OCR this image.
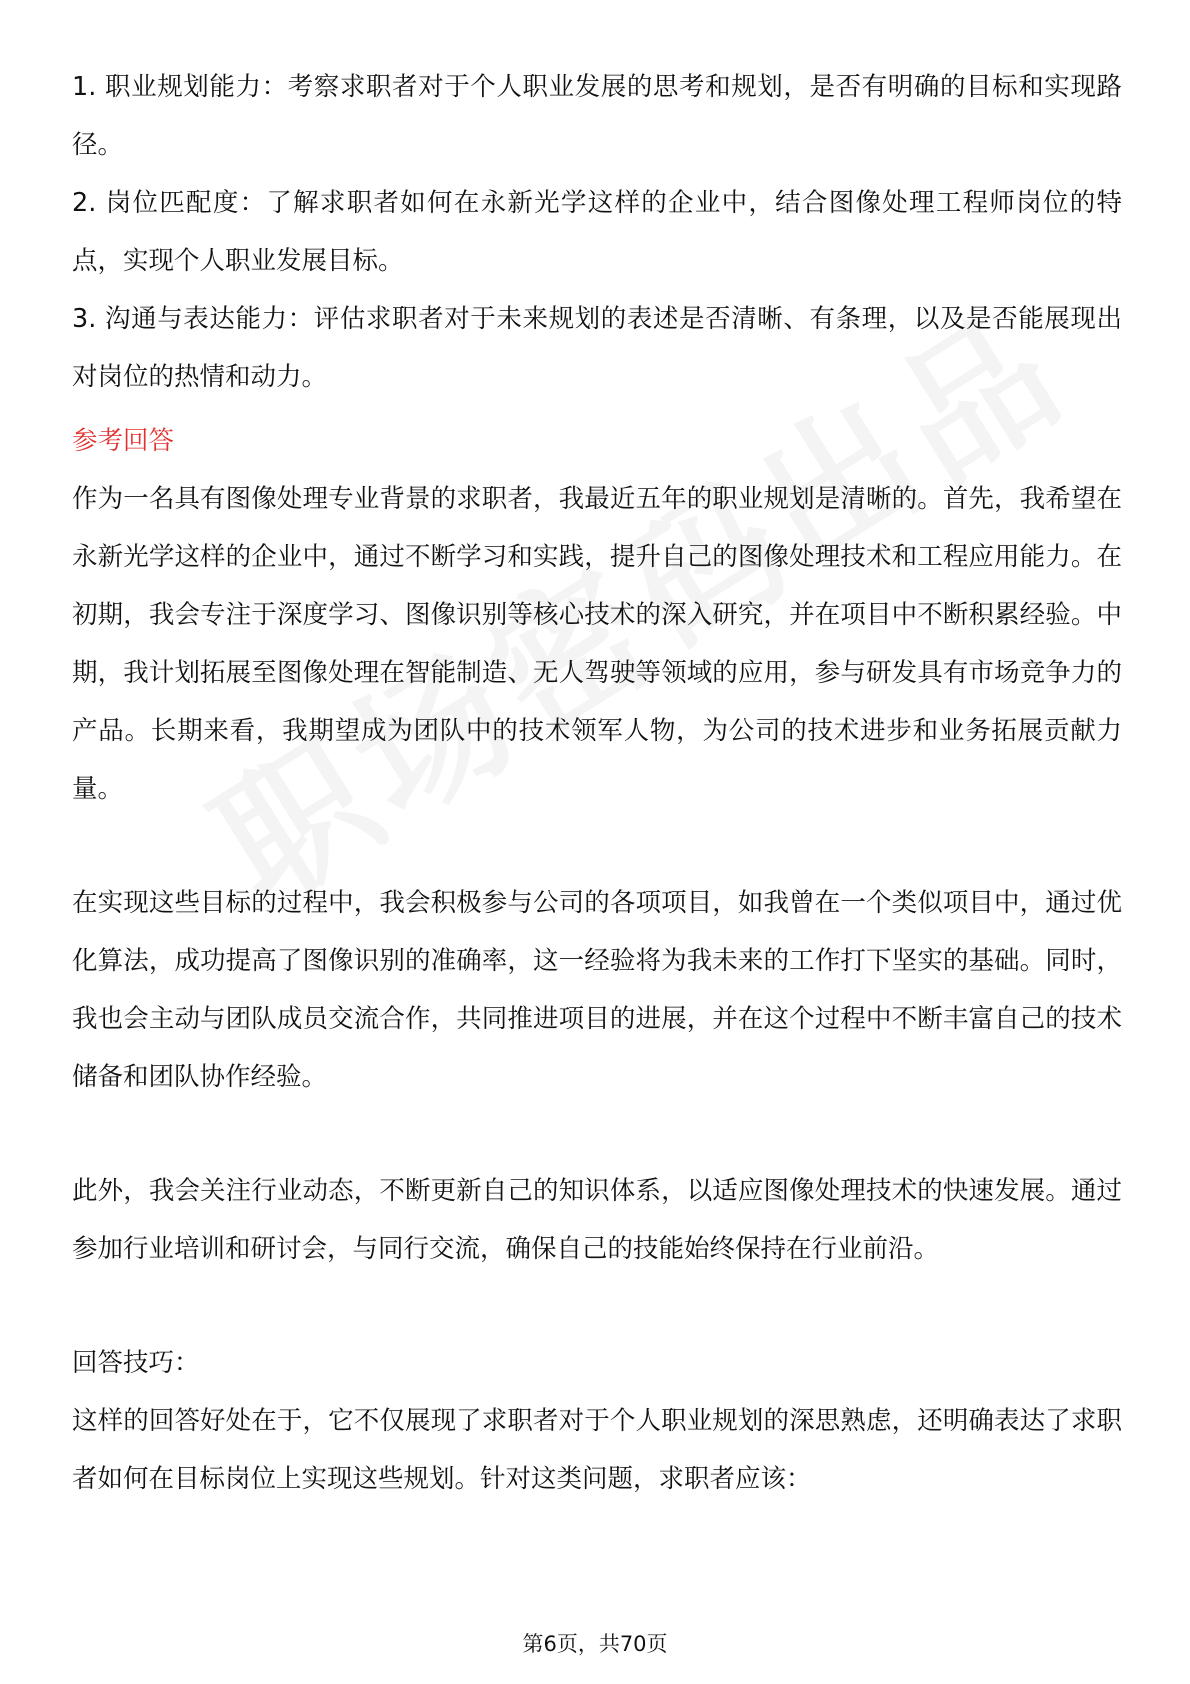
1. 职业规划能力：考察求职者对于个人职业发展的思考和规划，是否有明确的目标和实现路径。

2. 岗位匹配度：了解求职者如何在永新光学这样的企业中，结合图像处理工程师岗位的特点，实现个人职业发展目标。

3. 沟通与表达能力：评估求职者对于未来规划的表述是否清晰、有条理，以及是否能展现出对岗位的热情和动力。

参考回答

作为一名具有图像处理专业背景的求职者，我最近五年的职业规划是清晰的。首先，我希望在永新光学这样的企业中，通过不断学习和实践，提升自己的图像处理技术和工程应用能力。在初期，我会专注于深度学习、图像识别等核心技术的深入研究，并在项目中不断积累经验。中期，我计划拓展至图像处理在智能制造、无人驾驶等领域的应用，参与研发具有市场竞争力的产品。长期来看，我期望成为团队中的技术领军人物，为公司的技术进步和业务拓展贡献力量。

在实现这些目标的过程中，我会积极参与公司的各项项目，如我曾在一个类似项目中，通过优化算法，成功提高了图像识别的准确率，这一经验将为我未来的工作打下坚实的基础。同时，我也会主动与团队成员交流合作，共同推进项目的进展，并在这个过程中不断丰富自己的技术储备和团队协作经验。

此外，我会关注行业动态，不断更新自己的知识体系，以适应图像处理技术的快速发展。通过参加行业培训和研讨会，与同行交流，确保自己的技能始终保持在行业前沿。

回答技巧：

这样的回答好处在于，它不仅展现了求职者对于个人职业规划的深思熟虑，还明确表达了求职者如何在目标岗位上实现这些规划。针对这类问题，求职者应该：

第6页，共70页
